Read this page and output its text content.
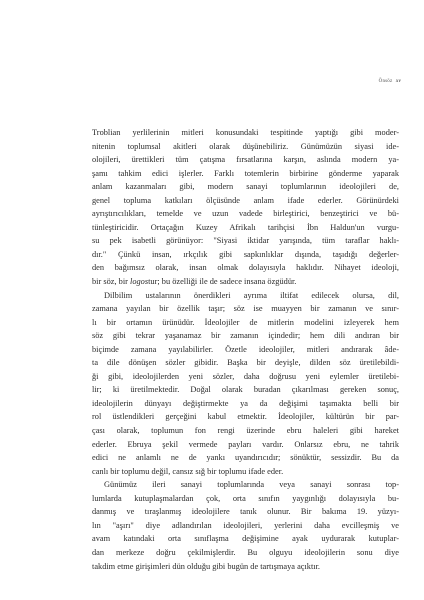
Önsöz xv
Troblian yerlilerinin mitleri konusundaki tespitinde yaptığı gibi moder-
nitenin toplumsal akitleri olarak düşünebiliriz. Günümüzün siyasi ide-
olojileri, ürettikleri tüm çatışma fırsatlarına karşın, aslında modern ya-
şamı tahkim edici işlerler. Farklı totemlerin birbirine gönderme yaparak
anlam kazanmaları gibi, modern sanayi toplumlarının ideolojileri de,
genel topluma katkıları ölçüsünde anlam ifade ederler. Görünürdeki
ayrıştırıcılıkları, temelde ve uzun vadede birleştirici, benzeştirici ve bü-
tünleştiricidir. Ortaçağın Kuzey Afrikalı tarihçisi İbn Haldun'un vurgu-
su pek isabetli görünüyor: "Siyasi iktidar yarışında, tüm taraflar haklı-
dır." Çünkü insan, ırkçılık gibi sapkınlıklar dışında, taşıdığı değerler-
den bağımsız olarak, insan olmak dolayısıyla haklıdır. Nihayet ideoloji,
bir söz, bir logostur; bu özelliği ile de sadece insana özgüdür.
Dilbilim ustalarının önerdikleri ayrıma iltifat edilecek olursa, dil,
zamana yayılan bir özellik taşır; söz ise muayyen bir zamanın ve sınır-
lı bir ortamın ürünüdür. İdeolojiler de mitlerin modelini izleyerek hem
söz gibi tekrar yaşanamaz bir zamanın içindedir; hem dili andıran bir
biçimde zamana yayılabilirler. Özetle ideolojiler, mitleri andırarak âde-
ta dile dönüşen sözler gibidir. Başka bir deyişle, dilden söz üretilebildi-
ği gibi, ideolojilerden yeni sözler, daha doğrusu yeni eylemler üretilebi-
lir; ki üretilmektedir. Doğal olarak buradan çıkarılması gereken sonuç,
ideolojilerin dünyayı değiştirmekte ya da değişimi taşımakta belli bir
rol üstlendikleri gerçeğini kabul etmektir. İdeolojiler, kültürün bir par-
çası olarak, toplumun fon rengi üzerinde ebru haleleri gibi hareket
ederler. Ebruya şekil vermede payları vardır. Onlarsız ebru, ne tahrik
edici ne anlamlı ne de yankı uyandırıcıdır; sönüktür, sessizdir. Bu da
canlı bir toplumu değil, cansız sığ bir toplumu ifade eder.
Günümüz ileri sanayi toplumlarında veya sanayi sonrası top-
lumlarda kutuplaşmalardan çok, orta sınıfın yaygınlığı dolayısıyla bu-
danmış ve tıraşlanmış ideolojilere tanık olunur. Bir bakıma 19. yüzyı-
lın "aşırı" diye adlandırılan ideolojileri, yerlerini daha evcilleşmiş ve
avam katındaki orta sınıflaşma değişimine ayak uydurarak kutuplar-
dan merkeze doğru çekilmişlerdir. Bu olguyu ideolojilerin sonu diye
takdim etme girişimleri dün olduğu gibi bugün de tartışmaya açıktır.
